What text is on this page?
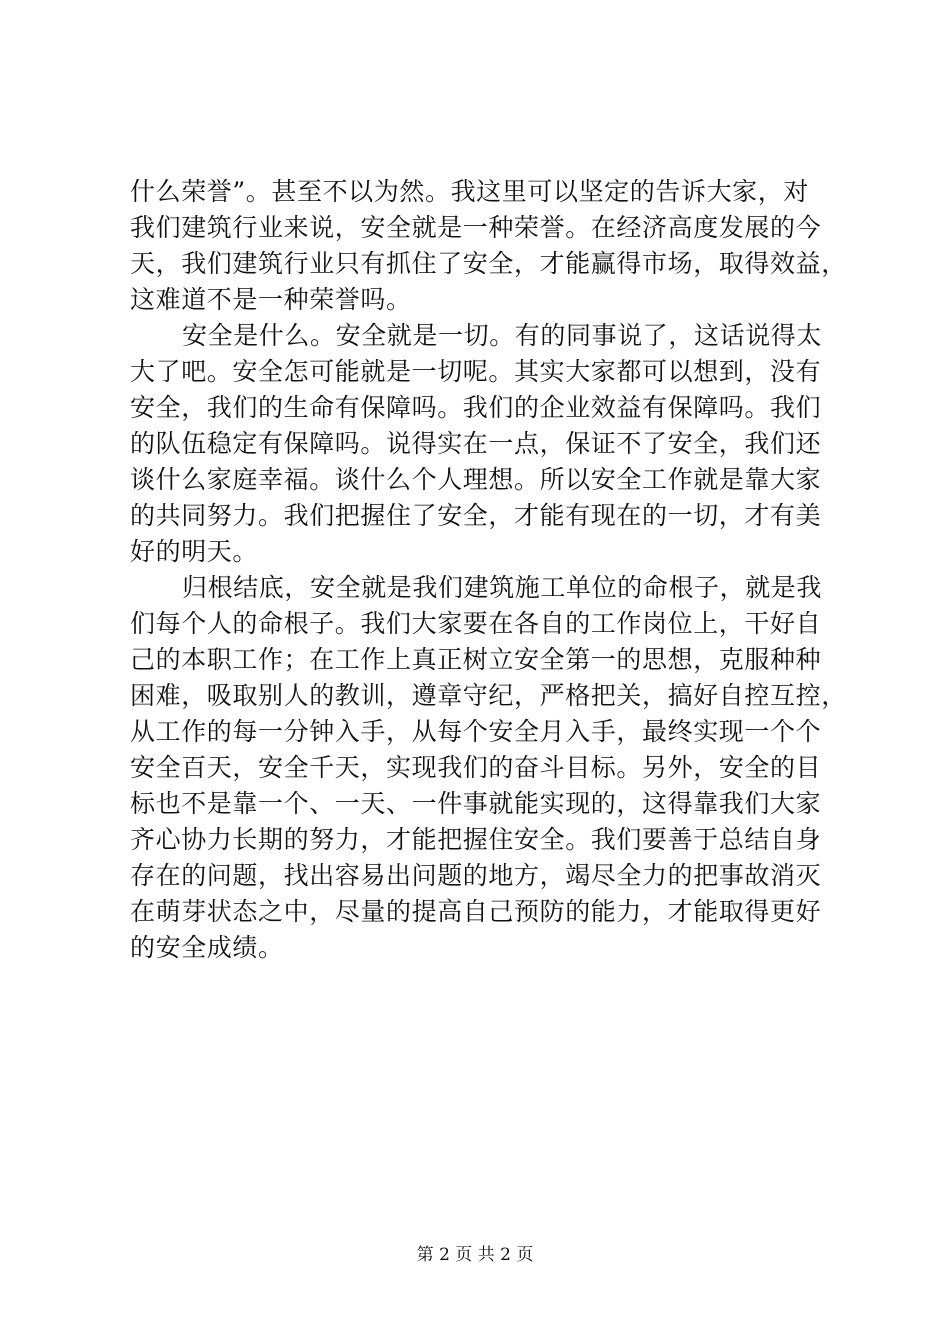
什么荣誉”。甚至不以为然。我这里可以坚定的告诉大家，对
我们建筑行业来说，安全就是一种荣誉。在经济高度发展的今
天，我们建筑行业只有抓住了安全，才能赢得市场，取得效益，
这难道不是一种荣誉吗。
安全是什么。安全就是一切。有的同事说了，这话说得太
大了吧。安全怎可能就是一切呢。其实大家都可以想到，没有
安全，我们的生命有保障吗。我们的企业效益有保障吗。我们
的队伍稳定有保障吗。说得实在一点，保证不了安全，我们还
谈什么家庭幸福。谈什么个人理想。所以安全工作就是靠大家
的共同努力。我们把握住了安全，才能有现在的一切，才有美
好的明天。
归根结底，安全就是我们建筑施工单位的命根子，就是我
们每个人的命根子。我们大家要在各自的工作岗位上，干好自
己的本职工作；在工作上真正树立安全第一的思想，克服种种
困难，吸取别人的教训，遵章守纪，严格把关，搞好自控互控，
从工作的每一分钟入手，从每个安全月入手，最终实现一个个
安全百天，安全千天，实现我们的奋斗目标。另外，安全的目
标也不是靠一个、一天、一件事就能实现的，这得靠我们大家
齐心协力长期的努力，才能把握住安全。我们要善于总结自身
存在的问题，找出容易出问题的地方，竭尽全力的把事故消灭
在萌芽状态之中，尽量的提高自己预防的能力，才能取得更好
的安全成绩。
第 2 页 共 2 页
